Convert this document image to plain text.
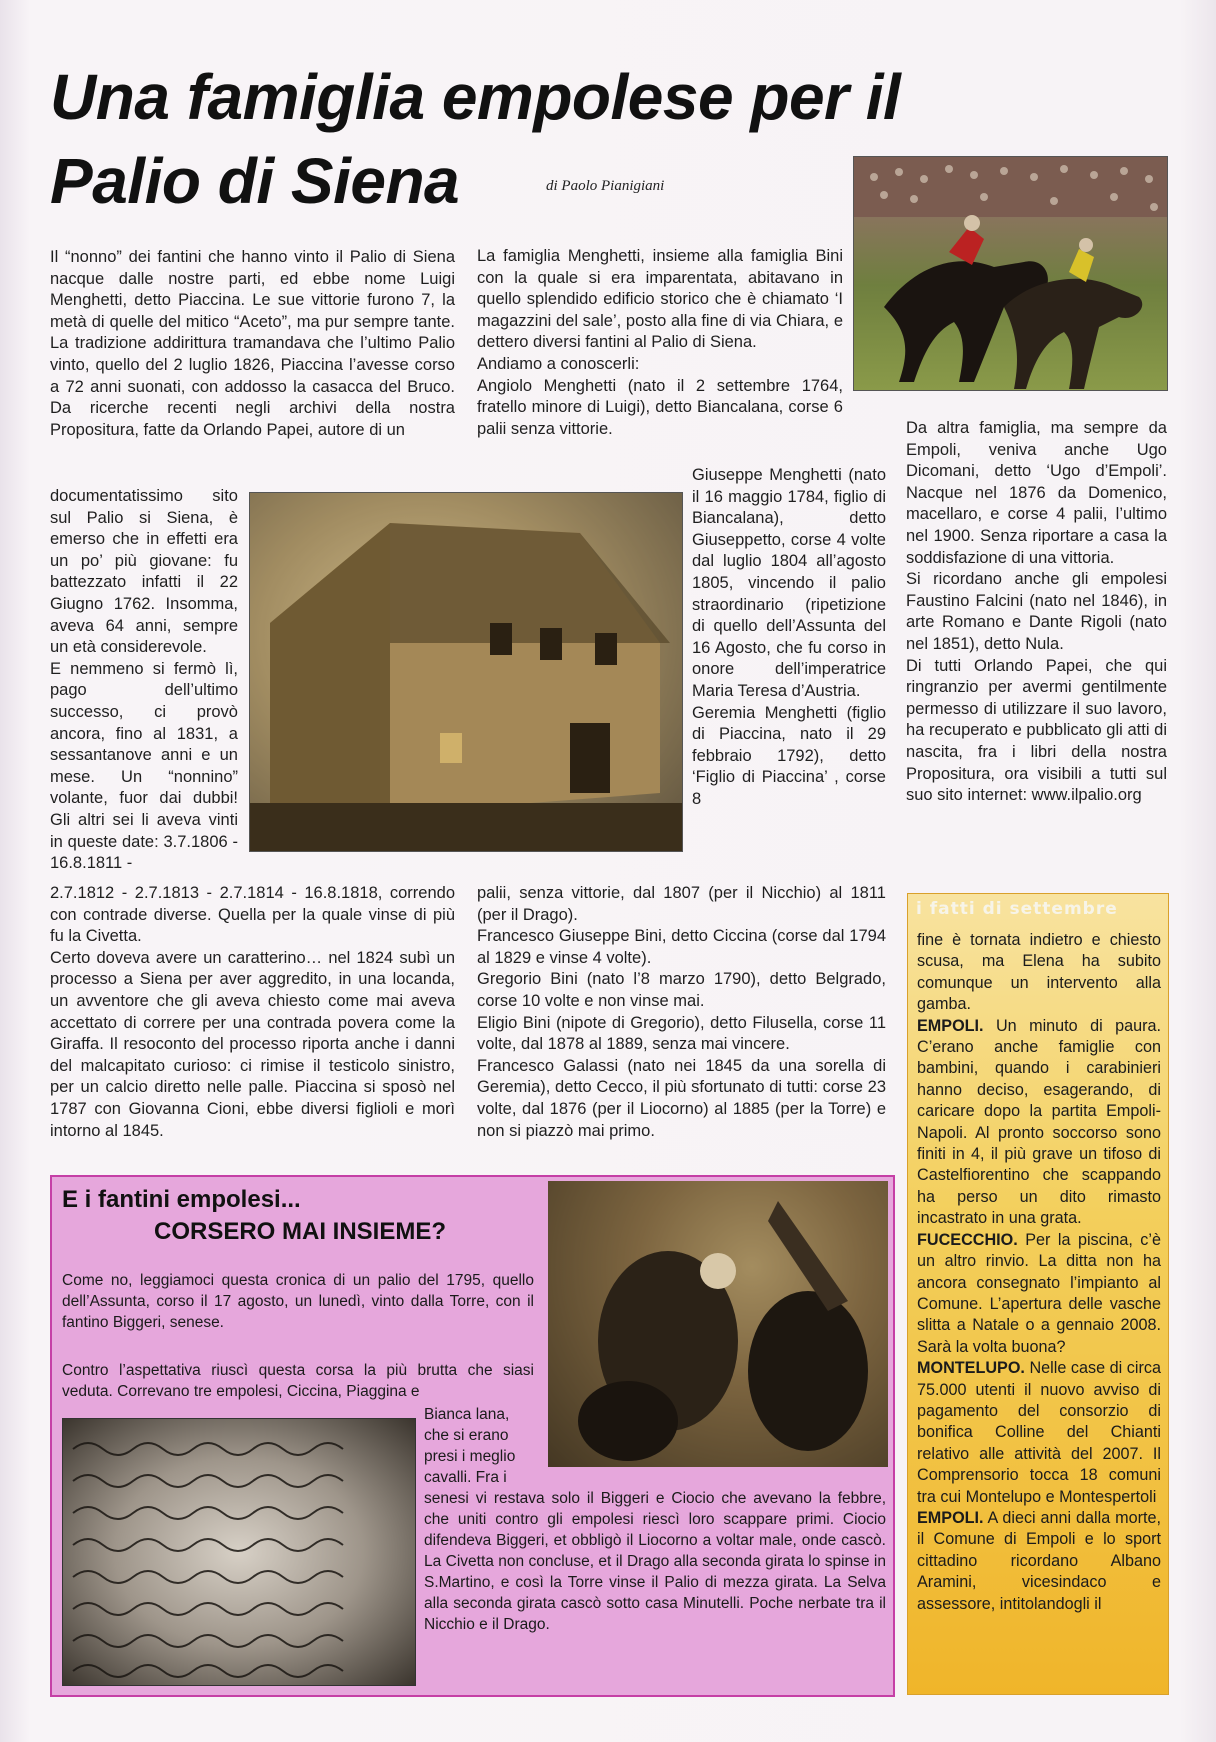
Una famiglia empolese per il
Palio di Siena	di Paolo Pianigiani

Il “nonno” dei fantini che hanno vinto il Palio di Siena nacque dalle nostre parti, ed ebbe nome Luigi Menghetti, detto Piaccina. Le sue vittorie furono 7, la metà di quelle del mitico “Aceto”, ma pur sempre tante. La tradizione addirittura tramandava che l’ultimo Palio vinto, quello del 2 luglio 1826, Piaccina l’avesse corso a 72 anni suonati, con addosso la casacca del Bruco. Da ricerche recenti negli archivi della nostra Propositura, fatte da Orlando Papei, autore di un

documentatissimo sito sul Palio si Siena, è emerso che in effetti era un po’ più giovane: fu battezzato infatti il 22 Giugno 1762. Insomma, aveva 64 anni, sempre un età considerevole.

E nemmeno si fermò lì, pago dell’ultimo successo, ci provò ancora, fino al 1831, a sessantanove anni e un mese. Un “nonnino” volante, fuor dai dubbi! Gli altri sei li aveva vinti in queste date: 3.7.1806 - 16.8.1811 -

2.7.1812 - 2.7.1813 - 2.7.1814 - 16.8.1818, correndo con contrade diverse. Quella per la quale vinse di più fu la Civetta.

Certo doveva avere un caratterino… nel 1824 subì un processo a Siena per aver aggredito, in una locanda, un avventore che gli aveva chiesto come mai aveva accettato di correre per una contrada povera come la Giraffa. Il resoconto del processo riporta anche i danni del malcapitato curioso: ci rimise il testicolo sinistro, per un calcio diretto nelle palle. Piaccina si sposò nel 1787 con Giovanna Cioni, ebbe diversi figlioli e morì intorno al 1845.

La famiglia Menghetti, insieme alla famiglia Bini con la quale si era imparentata, abitavano in quello splendido edificio storico che è chiamato ‘I magazzini del sale’, posto alla fine di via Chiara, e dettero diversi fantini al Palio di Siena.

Andiamo a conoscerli:

Angiolo Menghetti (nato il 2 settembre 1764, fratello minore di Luigi), detto Biancalana, corse 6 palii senza vittorie.

Giuseppe Menghetti (nato il 16 maggio 1784, figlio di Biancalana), detto Giuseppetto, corse 4 volte dal luglio 1804 all’agosto 1805, vincendo il palio straordinario (ripetizione di quello dell’Assunta del 16 Agosto, che fu corso in onore dell’imperatrice Maria Teresa d’Austria.

Geremia Menghetti (figlio di Piaccina, nato il 29 febbraio 1792), detto ‘Figlio di Piaccina’ , corse 8

palii, senza vittorie, dal 1807 (per il Nicchio) al 1811 (per il Drago).

Francesco Giuseppe Bini, detto Ciccina (corse dal 1794 al 1829 e vinse 4 volte).

Gregorio Bini (nato l’8 marzo 1790), detto Belgrado, corse 10 volte e non vinse mai.

Eligio Bini (nipote di Gregorio), detto Filusella, corse 11 volte, dal 1878 al 1889, senza mai vincere.

Francesco Galassi (nato nei 1845 da una sorella di Geremia), detto Cecco, il più sfortunato di tutti: corse 23 volte, dal 1876 (per il Liocorno) al 1885 (per la Torre) e non si piazzò mai primo.

Da altra famiglia, ma sempre da Empoli, veniva anche Ugo Dicomani, detto ‘Ugo d’Empoli’. Nacque nel 1876 da Domenico, macellaro, e corse 4 palii, l’ultimo nel 1900. Senza riportare a casa la soddisfazione di una vittoria.

Si ricordano anche gli empolesi Faustino Falcini (nato nel 1846), in arte Romano e Dante Rigoli (nato nel 1851), detto Nula.

Di tutti Orlando Papei, che qui ringranzio per avermi gentilmente permesso di utilizzare il suo lavoro, ha recuperato e pubblicato gli atti di nascita, fra i libri della nostra Propositura, ora visibili a tutti sul suo sito internet: www.ilpalio.org

E i fantini empolesi...
CORSERO MAI INSIEME?

Come no, leggiamoci questa cronica di un palio del 1795, quello dell’Assunta, corso il 17 agosto, un lunedì, vinto dalla Torre, con il fantino Biggeri, senese.

Contro l’aspettativa riuscì questa corsa la più brutta che siasi veduta. Correvano tre empolesi, Ciccina, Piaggina e

Bianca lana, che si erano presi i meglio cavalli. Fra i

senesi vi restava solo il Biggeri e Ciocio che avevano la febbre, che uniti contro gli empolesi riescì loro scappare primi. Ciocio difendeva Biggeri, et obbligò il Liocorno a voltar male, onde cascò. La Civetta non concluse, et il Drago alla seconda girata lo spinse in S.Martino, e così la Torre vinse il Palio di mezza girata. La Selva alla seconda girata cascò sotto casa Minutelli. Poche nerbate tra il Nicchio e il Drago.

i fatti di settembre

fine è tornata indietro e chiesto scusa, ma Elena ha subito comunque un intervento alla gamba.

EMPOLI. Un minuto di paura. C’erano anche famiglie con bambini, quando i carabinieri hanno deciso, esagerando, di caricare dopo la partita Empoli-Napoli. Al pronto soccorso sono finiti in 4, il più grave un tifoso di Castelfiorentino che scappando ha perso un dito rimasto incastrato in una grata.

FUCECCHIO. Per la piscina, c’è un altro rinvio. La ditta non ha ancora consegnato l’impianto al Comune. L’apertura delle vasche slitta a Natale o a gennaio 2008. Sarà la volta buona?

MONTELUPO. Nelle case di circa 75.000 utenti il nuovo avviso di pagamento del consorzio di bonifica Colline del Chianti relativo alle attività del 2007. Il Comprensorio tocca 18 comuni tra cui Montelupo e Montespertoli

EMPOLI. A dieci anni dalla morte, il Comune di Empoli e lo sport cittadino ricordano Albano Aramini, vicesindaco e assessore, intitolandogli il
